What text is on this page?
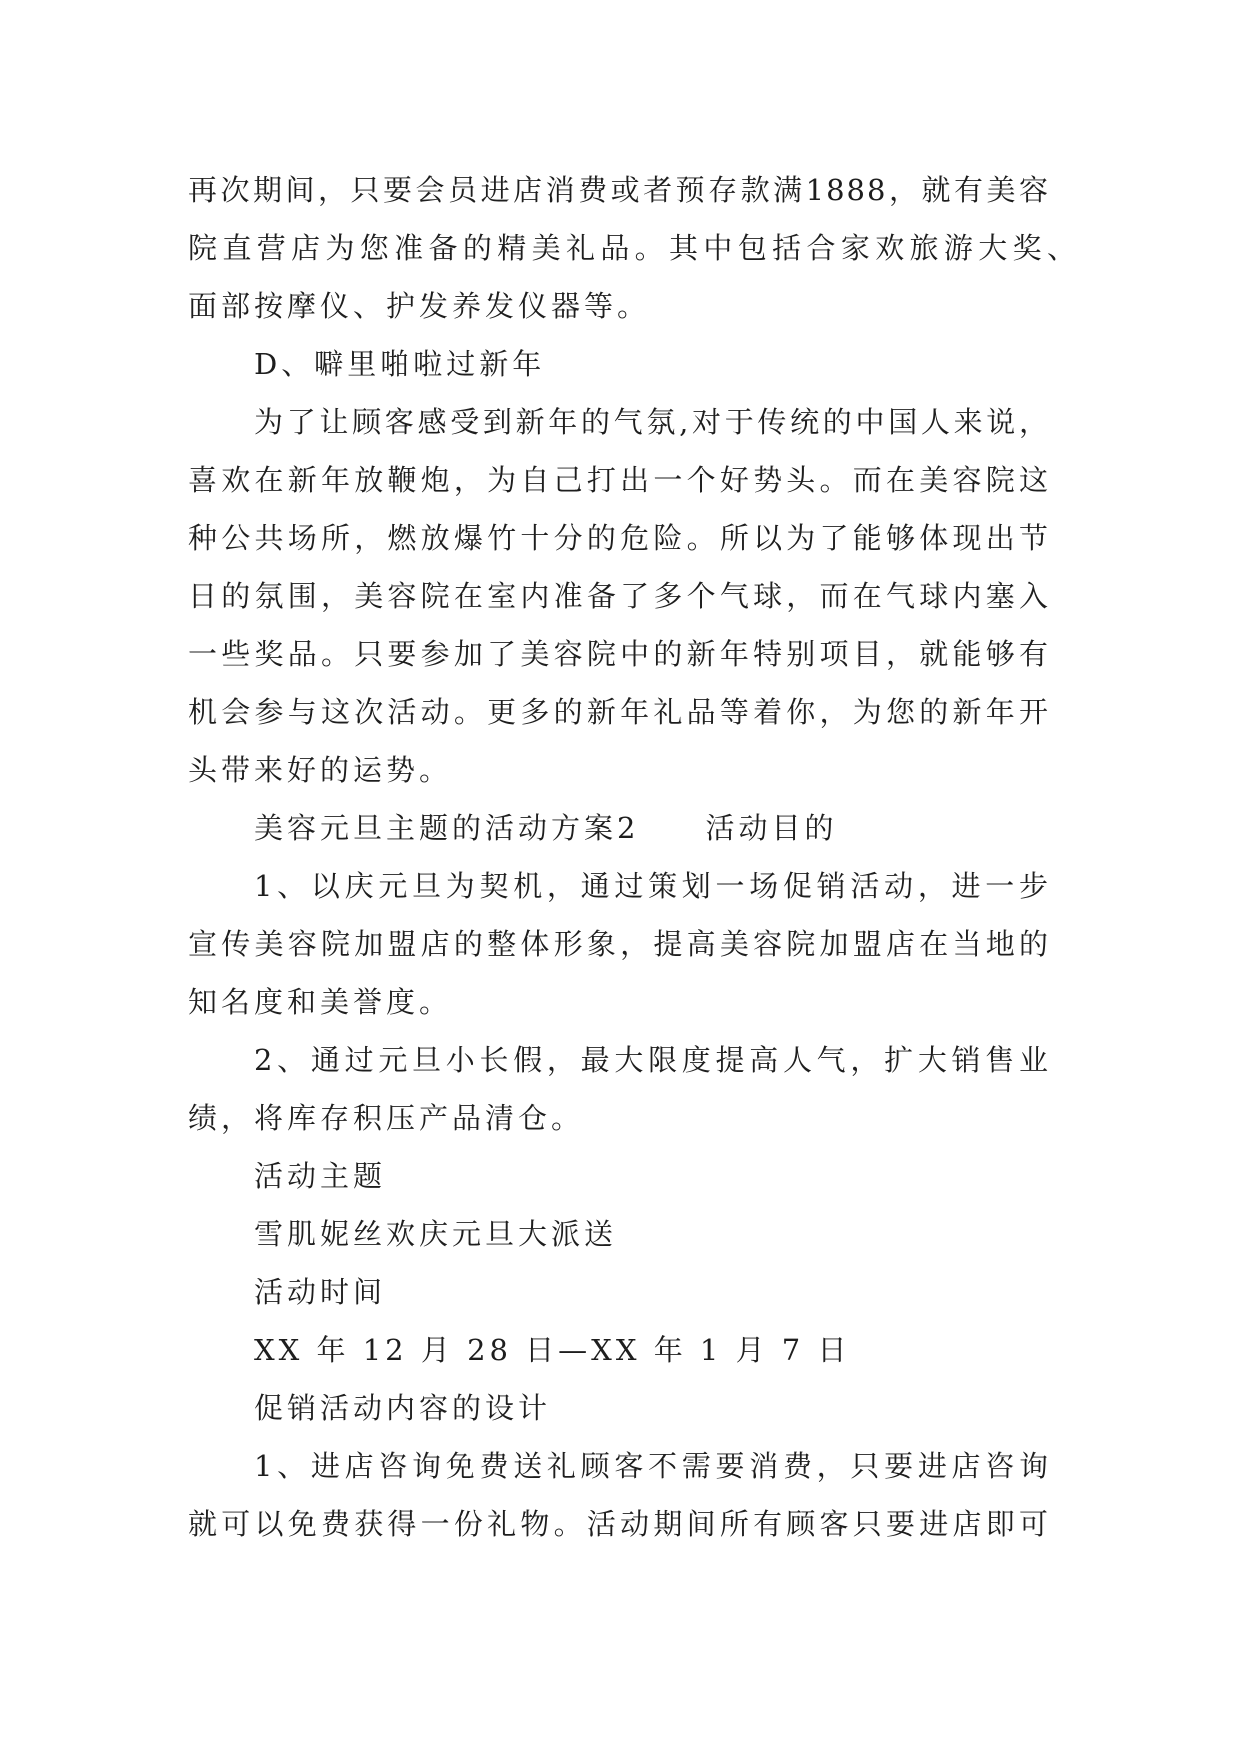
再次期间，只要会员进店消费或者预存款满1888，就有美容
院直营店为您准备的精美礼品。其中包括合家欢旅游大奖、
面部按摩仪、护发养发仪器等。
D、噼里啪啦过新年
为了让顾客感受到新年的气氛,对于传统的中国人来说，
喜欢在新年放鞭炮，为自己打出一个好势头。而在美容院这
种公共场所，燃放爆竹十分的危险。所以为了能够体现出节
日的氛围，美容院在室内准备了多个气球，而在气球内塞入
一些奖品。只要参加了美容院中的新年特别项目，就能够有
机会参与这次活动。更多的新年礼品等着你，为您的新年开
头带来好的运势。
美容元旦主题的活动方案2　　活动目的
1、以庆元旦为契机，通过策划一场促销活动，进一步
宣传美容院加盟店的整体形象，提高美容院加盟店在当地的
知名度和美誉度。
2、通过元旦小长假，最大限度提高人气，扩大销售业
绩，将库存积压产品清仓。
活动主题
雪肌妮丝欢庆元旦大派送
活动时间
XX 年 12 月 28 日—XX 年 1 月 7 日
促销活动内容的设计
1、进店咨询免费送礼顾客不需要消费，只要进店咨询
就可以免费获得一份礼物。活动期间所有顾客只要进店即可
